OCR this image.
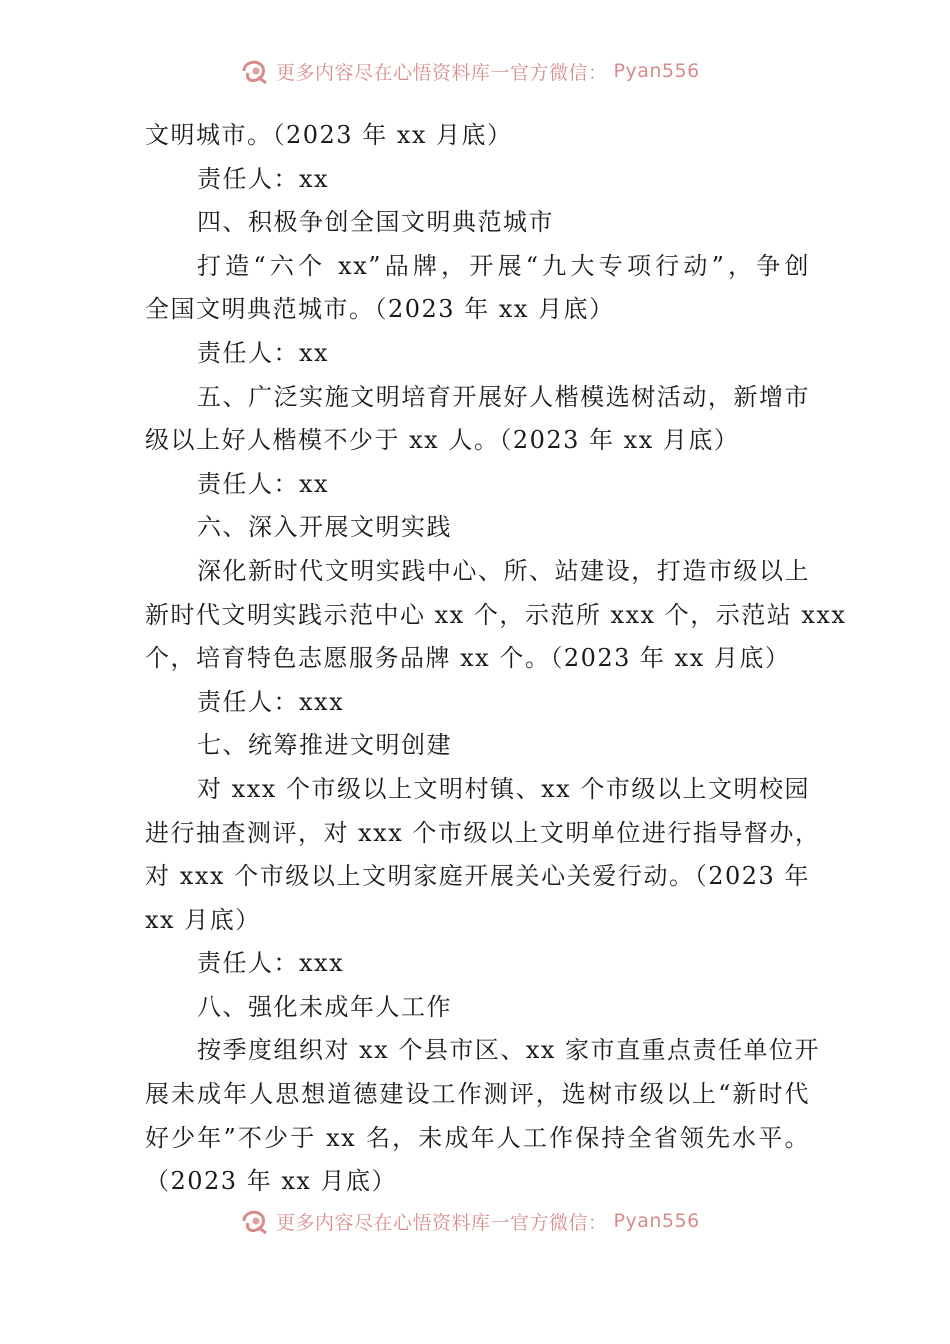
更多内容尽在心悟资料库一官方微信： Pyan556
文明城市。（2023 年 xx 月底）
责任人：xx
四、积极争创全国文明典范城市
打造“六个 xx”品牌，开展“九大专项行动”，争创
全国文明典范城市。（2023 年 xx 月底）
责任人：xx
五、广泛实施文明培育开展好人楷模选树活动，新增市
级以上好人楷模不少于 xx 人。（2023 年 xx 月底）
责任人：xx
六、深入开展文明实践
深化新时代文明实践中心、所、站建设，打造市级以上
新时代文明实践示范中心 xx 个，示范所 xxx 个，示范站 xxx
个，培育特色志愿服务品牌 xx 个。（2023 年 xx 月底）
责任人：xxx
七、统筹推进文明创建
对 xxx 个市级以上文明村镇、xx 个市级以上文明校园
进行抽查测评，对 xxx 个市级以上文明单位进行指导督办，
对 xxx 个市级以上文明家庭开展关心关爱行动。（2023 年
xx 月底）
责任人：xxx
八、强化未成年人工作
按季度组织对 xx 个县市区、xx 家市直重点责任单位开
展未成年人思想道德建设工作测评，选树市级以上“新时代
好少年”不少于 xx 名，未成年人工作保持全省领先水平。
（2023 年 xx 月底）
更多内容尽在心悟资料库一官方微信： Pyan556
